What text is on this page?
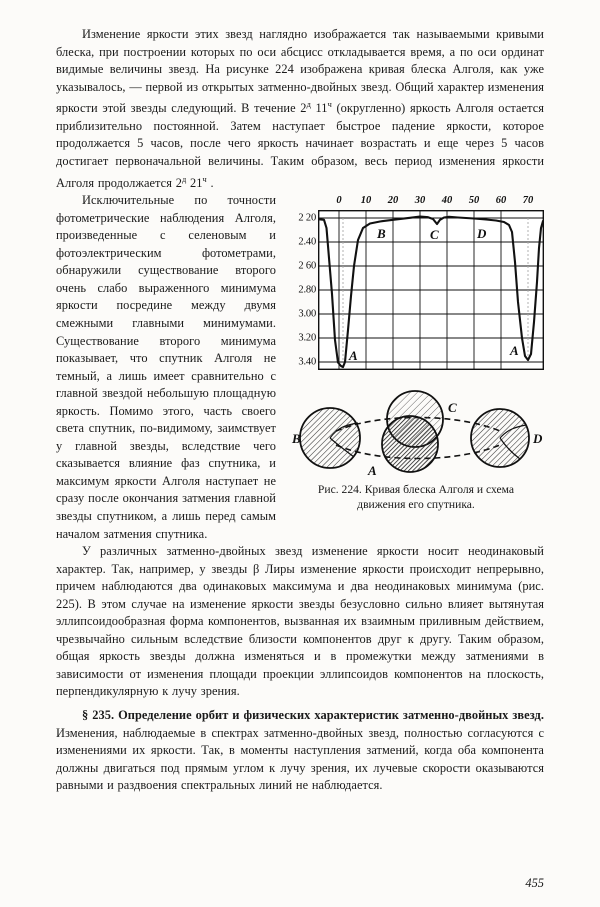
Изменение яркости этих звезд наглядно изображается так называемыми кривыми блеска, при построении которых по оси абсцисс откладывается время, а по оси ординат видимые величины звезд. На рисунке 224 изображена кривая блеска Алголя, как уже указывалось, — первой из открытых затменно-двойных звезд. Общий характер изменения яркости этой звезды следующий. В течение $2^д$ $11^ч$ (округленно) яркость Алголя остается приблизительно постоянной. Затем наступает быстрое падение яркости, которое продолжается 5 часов, после чего яркость начинает возрастать и еще через 5 часов достигает первоначальной величины. Таким образом, весь период изменения яркости Алголя продолжается $2^д$ $21^ч$ .

0 10 20 30 40 50 60 70
2 20
2.40
2 60
2.80
3.00
3.20
3.40	A
B	C	D
A
B
C
A
D
Рис. 224. Кривая блеска Алголя и схема
движения его спутника.

Исключительные по точности фотометрические наблюдения Алголя, произведенные с селеновым и фотоэлектрическим фотометрами, обнаружили существование второго очень слабо выраженного минимума яркости посредине между двумя смежными главными минимумами. Существование второго минимума показывает, что спутник Алголя не темный, а лишь имеет сравнительно с главной звездой небольшую площадную яркость. Помимо этого, часть своего света спутник, по-видимому, заимствует у главной звезды, вследствие чего сказывается влияние фаз спутника, и максимум яркости Алголя наступает не сразу после окончания затмения главной звезды спутником, а лишь перед самым началом затмения спутника.

У различных затменно-двойных звезд изменение яркости носит неодинаковый характер. Так, например, у звезды β Лиры изменение яркости происходит непрерывно, причем наблюдаются два одинаковых максимума и два неодинаковых минимума (рис. 225). В этом случае на изменение яркости звезды безусловно сильно влияет вытянутая эллипсоидообразная форма компонентов, вызванная их взаимным приливным действием, чрезвычайно сильным вследствие близости компонентов друг к другу. Таким образом, общая яркость звезды должна изменяться и в промежутки между затмениями в зависимости от изменения площади проекции эллипсоидов компонентов на плоскость, перпендикулярную к лучу зрения.

§ 235. Определение орбит и физических характеристик затменно-двойных звезд. Изменения, наблюдаемые в спектрах затменно-двойных звезд, полностью согласуются с изменениями их яркости. Так, в моменты наступления затмений, когда оба компонента должны двигаться под прямым углом к лучу зрения, их лучевые скорости оказываются равными и раздвоения спектральных линий не наблюдается.

455
